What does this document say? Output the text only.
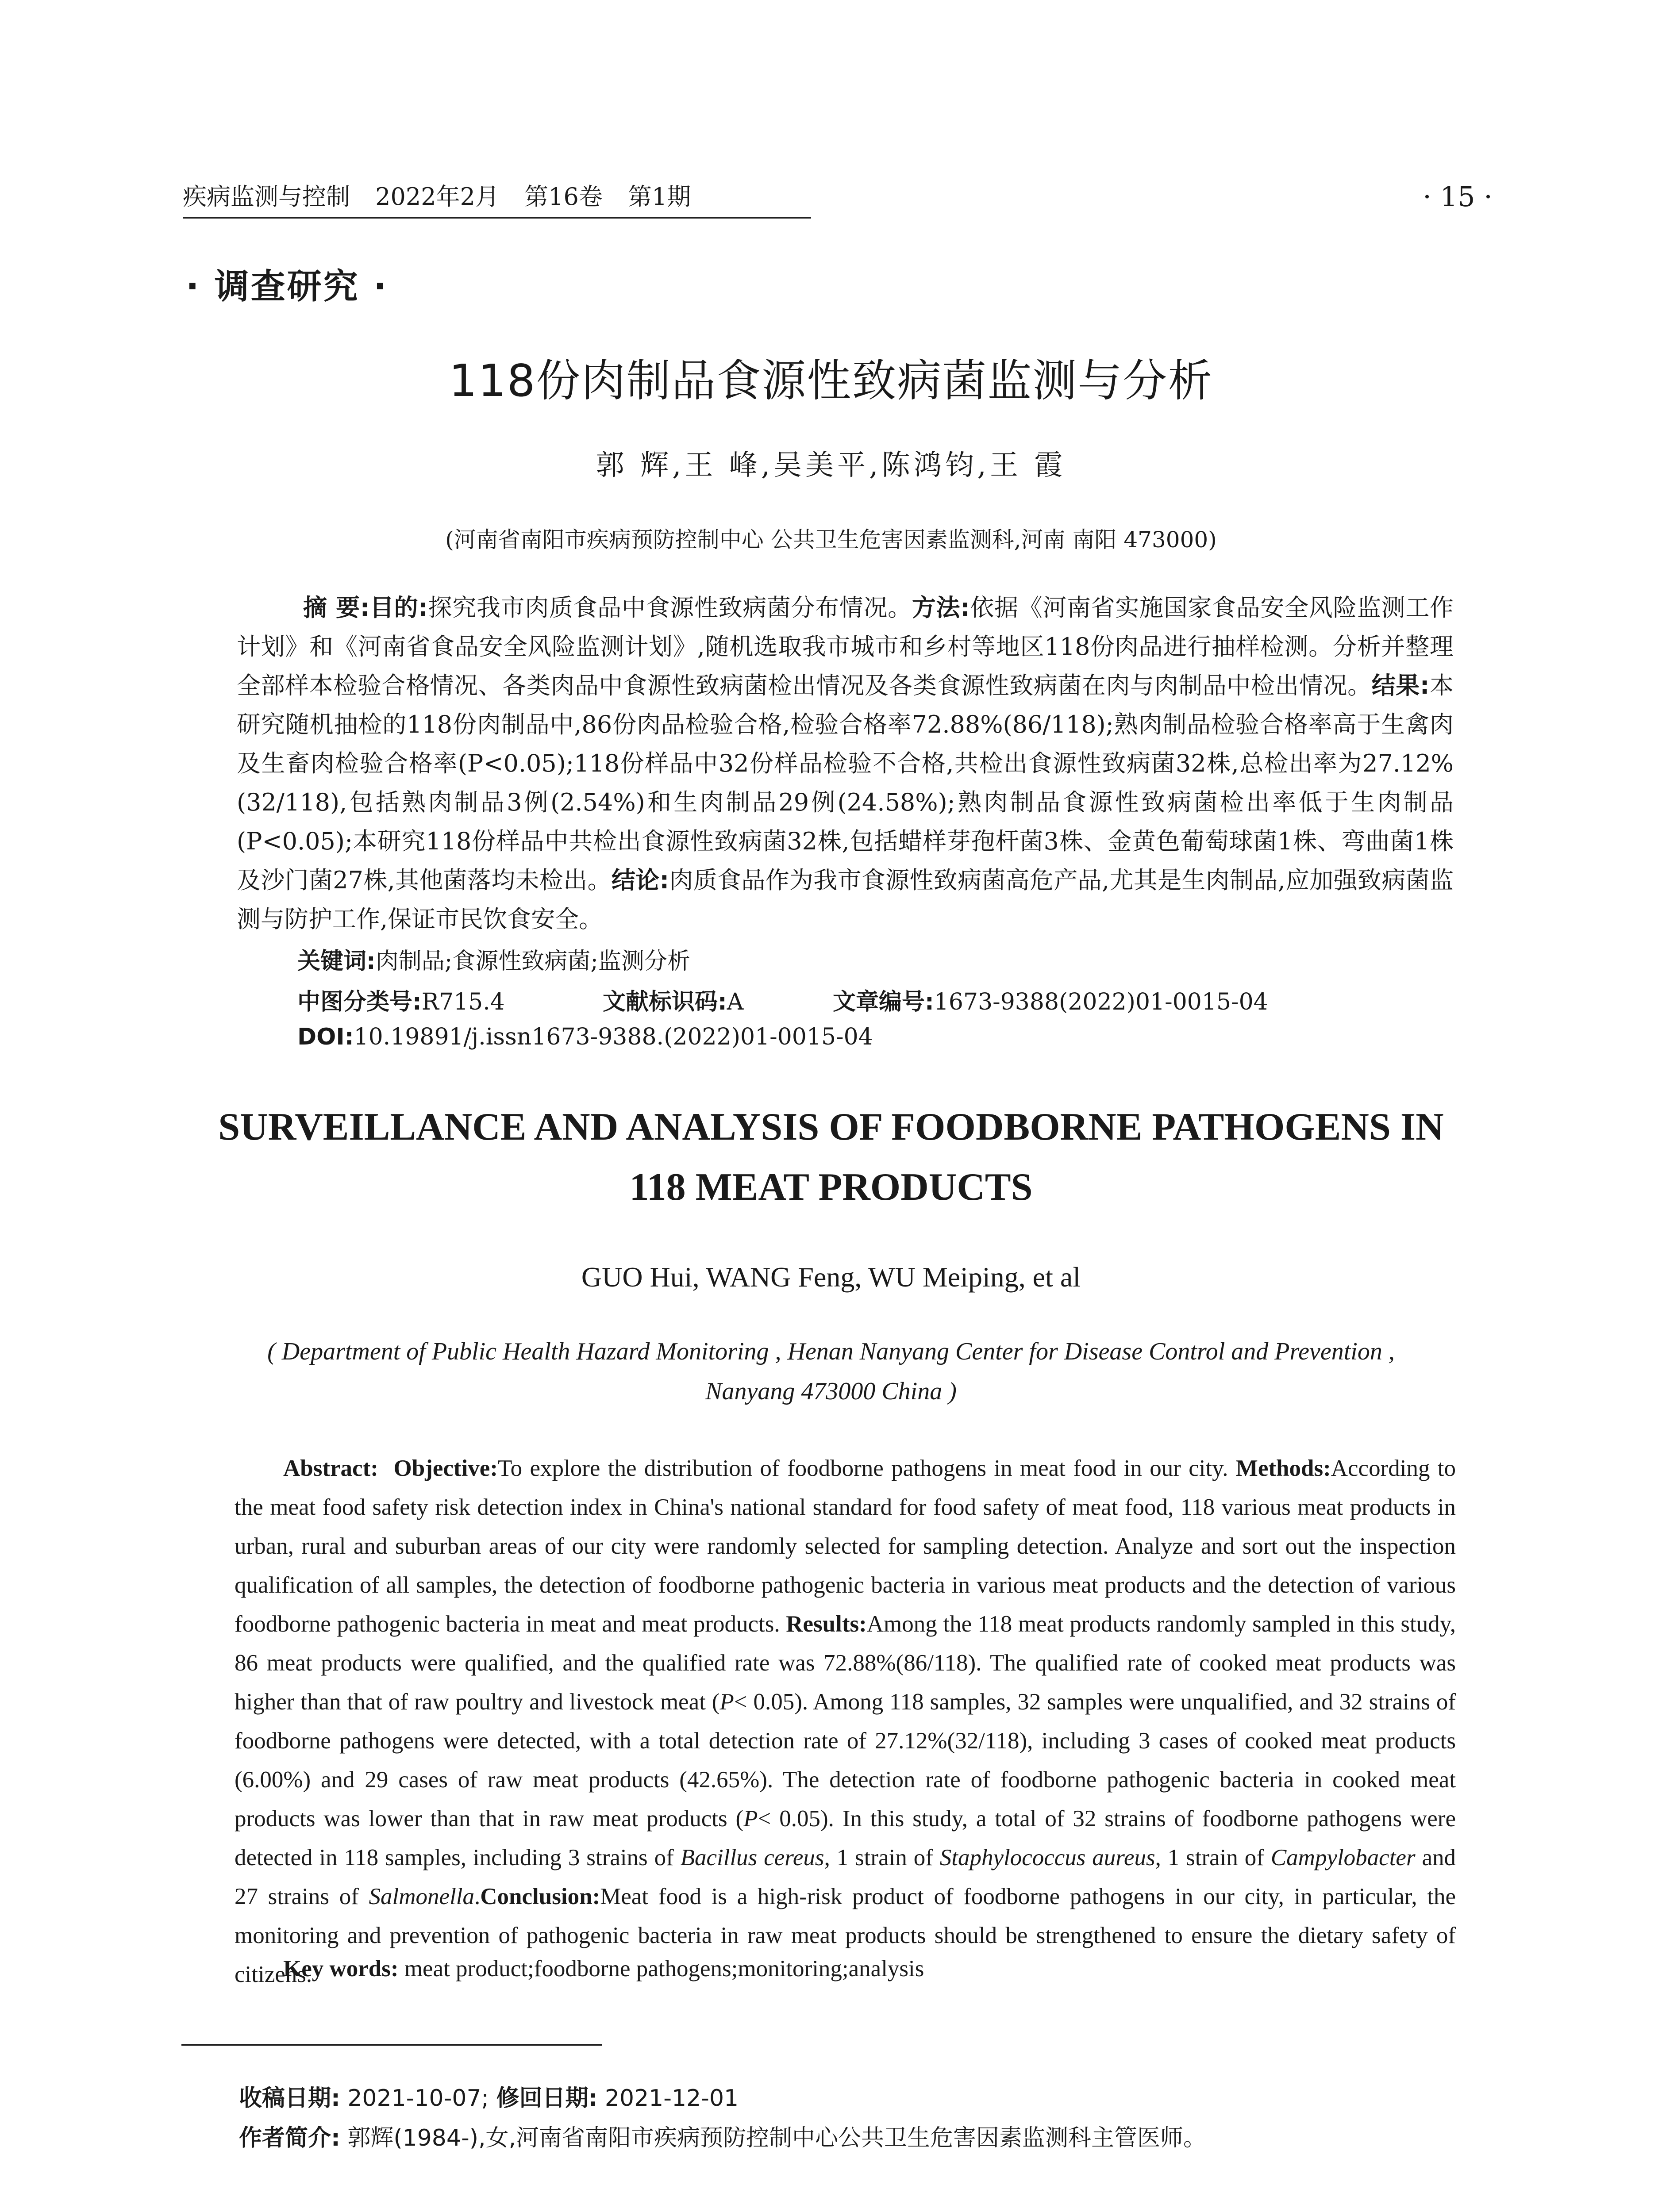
疾病监测与控制 2022年2月 第16卷 第1期	· 15 ·
· 调查研究 ·
118份肉制品食源性致病菌监测与分析
郭 辉,王 峰,吴美平,陈鸿钧,王 霞
(河南省南阳市疾病预防控制中心 公共卫生危害因素监测科,河南 南阳 473000)
摘 要:目的:探究我市肉质食品中食源性致病菌分布情况。方法:依据《河南省实施国家食品安全风险监测工作计划》和《河南省食品安全风险监测计划》,随机选取我市城市和乡村等地区118份肉品进行抽样检测。分析并整理全部样本检验合格情况、各类肉品中食源性致病菌检出情况及各类食源性致病菌在肉与肉制品中检出情况。结果:本研究随机抽检的118份肉制品中,86份肉品检验合格,检验合格率72.88%(86/118);熟肉制品检验合格率高于生禽肉及生畜肉检验合格率(P<0.05);118份样品中32份样品检验不合格,共检出食源性致病菌32株,总检出率为27.12%(32/118),包括熟肉制品3例(2.54%)和生肉制品29例(24.58%);熟肉制品食源性致病菌检出率低于生肉制品(P<0.05);本研究118份样品中共检出食源性致病菌32株,包括蜡样芽孢杆菌3株、金黄色葡萄球菌1株、弯曲菌1株及沙门菌27株,其他菌落均未检出。结论:肉质食品作为我市食源性致病菌高危产品,尤其是生肉制品,应加强致病菌监测与防护工作,保证市民饮食安全。
关键词:肉制品;食源性致病菌;监测分析
中图分类号:R715.4	文献标识码:A	文章编号:1673-9388(2022)01-0015-04
DOI:10.19891/j.issn1673-9388.(2022)01-0015-04
SURVEILLANCE AND ANALYSIS OF FOODBORNE PATHOGENS IN
118 MEAT PRODUCTS
GUO Hui, WANG Feng, WU Meiping, et al
( Department of Public Health Hazard Monitoring , Henan Nanyang Center for Disease Control and Prevention ,
Nanyang 473000 China )
Abstract: Objective:To explore the distribution of foodborne pathogens in meat food in our city. Methods:According to the meat food safety risk detection index in China's national standard for food safety of meat food, 118 various meat products in urban, rural and suburban areas of our city were randomly selected for sampling detection. Analyze and sort out the inspection qualification of all samples, the detection of foodborne pathogenic bacteria in various meat products and the detection of various foodborne pathogenic bacteria in meat and meat products. Results:Among the 118 meat products randomly sampled in this study, 86 meat products were qualified, and the qualified rate was 72.88%(86/118). The qualified rate of cooked meat products was higher than that of raw poultry and livestock meat (P< 0.05). Among 118 samples, 32 samples were unqualified, and 32 strains of foodborne pathogens were detected, with a total detection rate of 27.12%(32/118), including 3 cases of cooked meat products (6.00%) and 29 cases of raw meat products (42.65%). The detection rate of foodborne pathogenic bacteria in cooked meat products was lower than that in raw meat products (P< 0.05). In this study, a total of 32 strains of foodborne pathogens were detected in 118 samples, including 3 strains of Bacillus cereus, 1 strain of Staphylococcus aureus, 1 strain of Campylobacter and 27 strains of Salmonella.Conclusion:Meat food is a high-risk product of foodborne pathogens in our city, in particular, the monitoring and prevention of pathogenic bacteria in raw meat products should be strengthened to ensure the dietary safety of citizens.
Key words: meat product;foodborne pathogens;monitoring;analysis
收稿日期: 2021-10-07; 修回日期: 2021-12-01
作者简介: 郭辉(1984-),女,河南省南阳市疾病预防控制中心公共卫生危害因素监测科主管医师。
